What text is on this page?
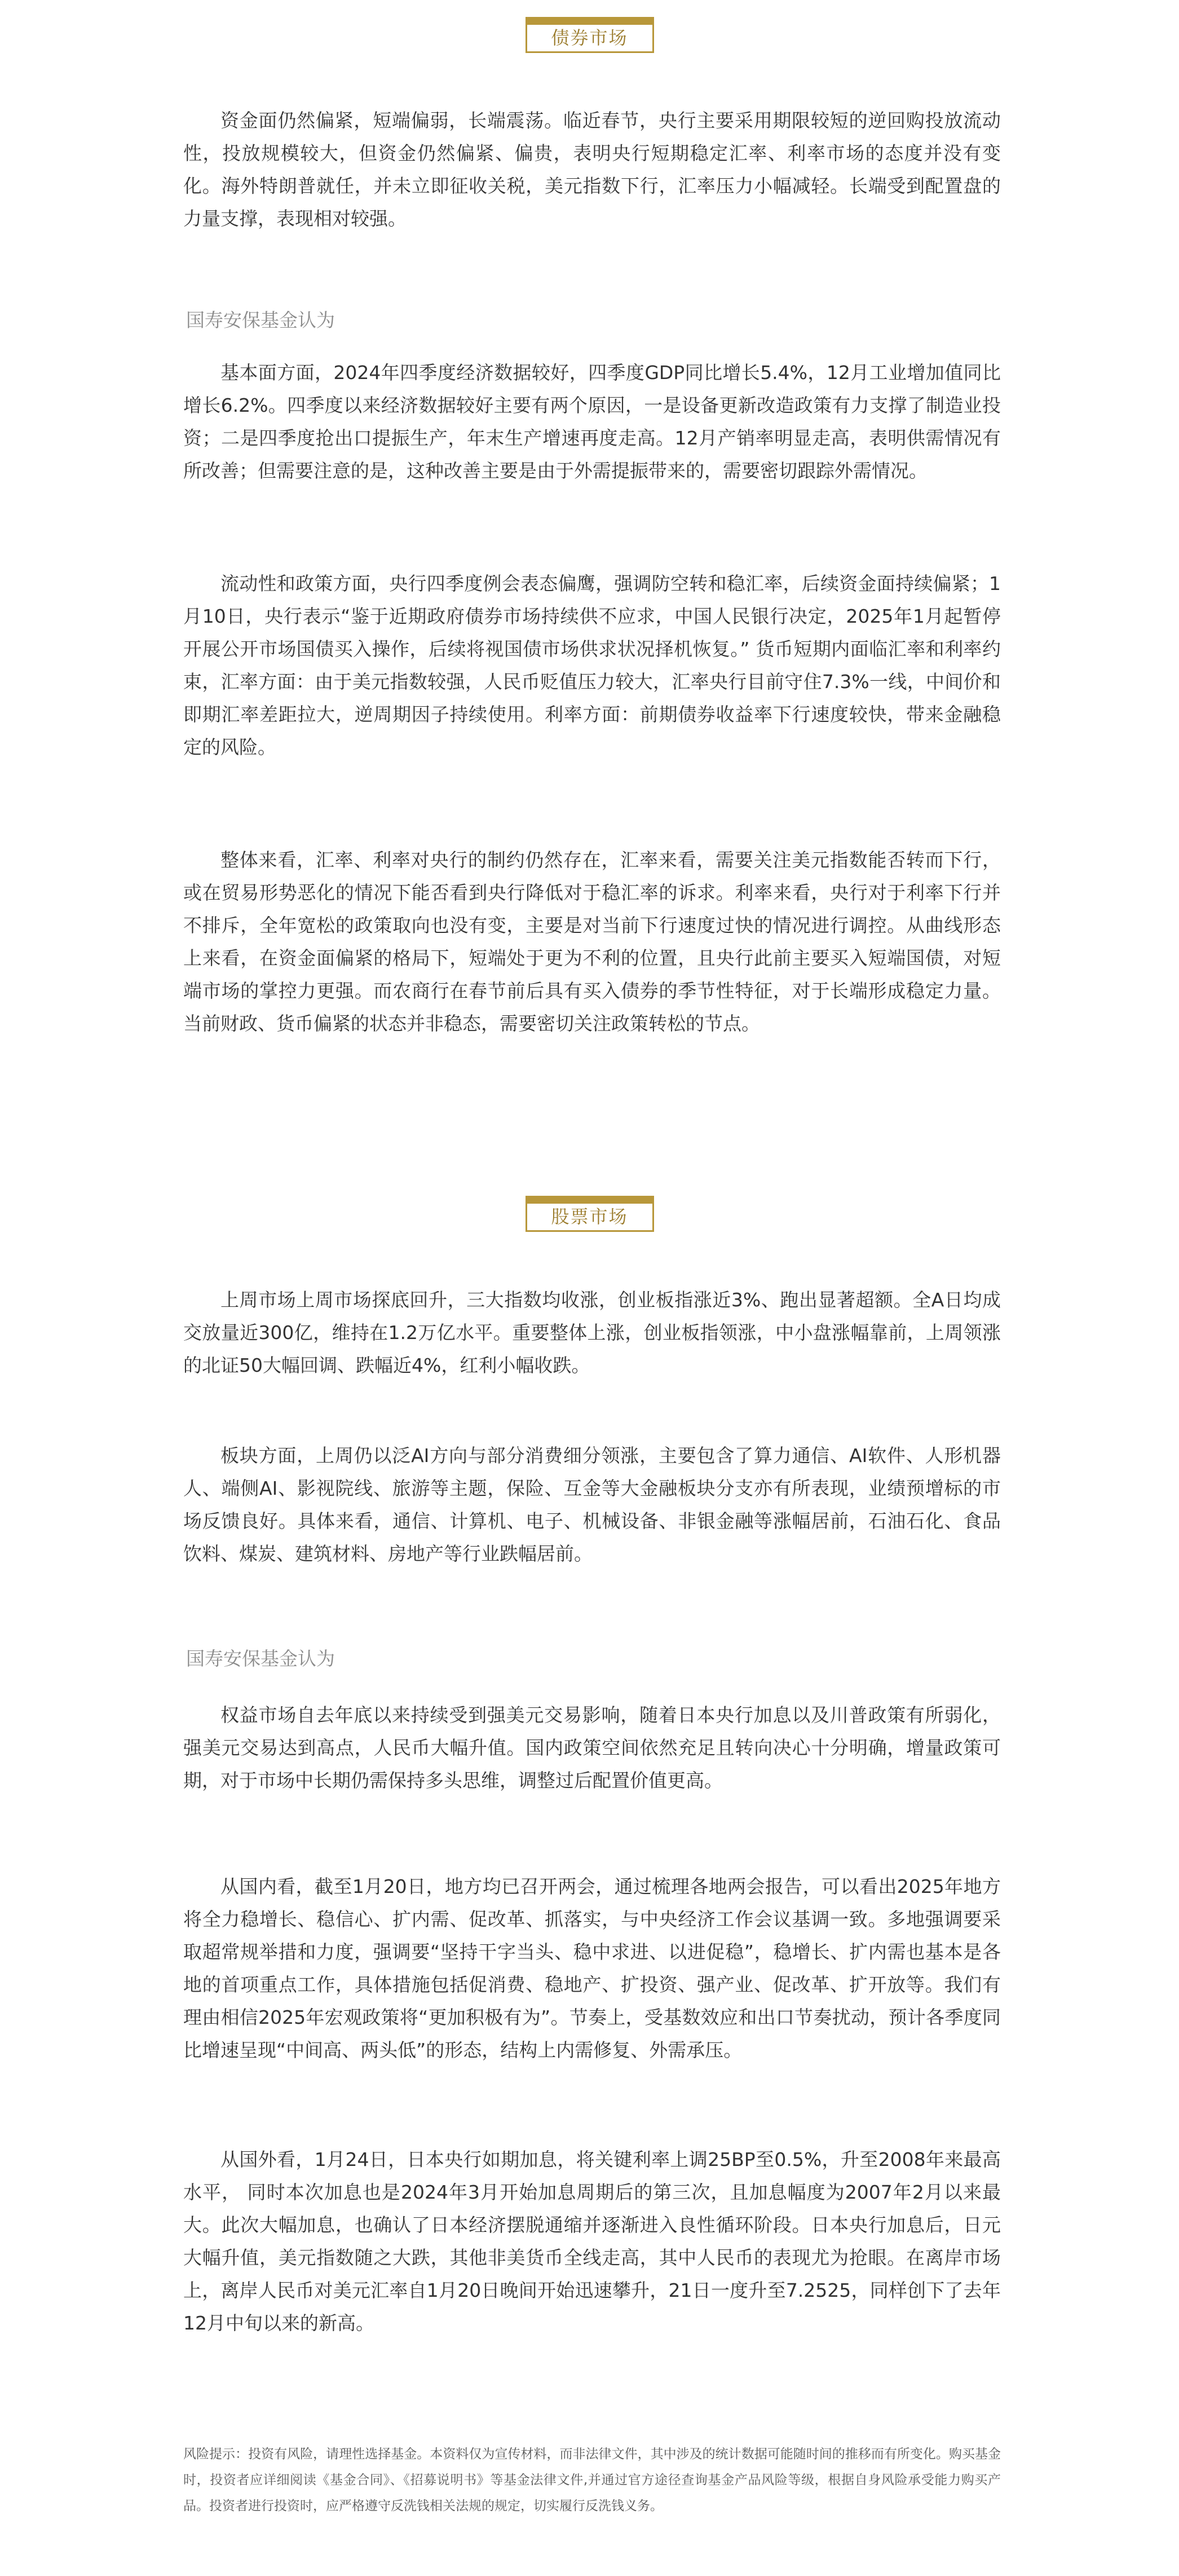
债券市场

资金面仍然偏紧，短端偏弱，长端震荡。临近春节，央行主要采用期限较短的逆回购投放流动性，投放规模较大，但资金仍然偏紧、偏贵，表明央行短期稳定汇率、利率市场的态度并没有变化。海外特朗普就任，并未立即征收关税，美元指数下行，汇率压力小幅减轻。长端受到配置盘的力量支撑，表现相对较强。

国寿安保基金认为

基本面方面，2024年四季度经济数据较好，四季度GDP同比增长5.4%，12月工业增加值同比增长6.2%。四季度以来经济数据较好主要有两个原因，一是设备更新改造政策有力支撑了制造业投资；二是四季度抢出口提振生产，年末生产增速再度走高。12月产销率明显走高，表明供需情况有所改善；但需要注意的是，这种改善主要是由于外需提振带来的，需要密切跟踪外需情况。

流动性和政策方面，央行四季度例会表态偏鹰，强调防空转和稳汇率，后续资金面持续偏紧；1月10日，央行表示“鉴于近期政府债券市场持续供不应求，中国人民银行决定，2025年1月起暂停开展公开市场国债买入操作，后续将视国债市场供求状况择机恢复。” 货币短期内面临汇率和利率约束，汇率方面：由于美元指数较强，人民币贬值压力较大，汇率央行目前守住7.3%一线，中间价和即期汇率差距拉大，逆周期因子持续使用。利率方面：前期债券收益率下行速度较快，带来金融稳定的风险。

整体来看，汇率、利率对央行的制约仍然存在，汇率来看，需要关注美元指数能否转而下行，或在贸易形势恶化的情况下能否看到央行降低对于稳汇率的诉求。利率来看，央行对于利率下行并不排斥，全年宽松的政策取向也没有变，主要是对当前下行速度过快的情况进行调控。从曲线形态上来看，在资金面偏紧的格局下，短端处于更为不利的位置，且央行此前主要买入短端国债，对短端市场的掌控力更强。而农商行在春节前后具有买入债券的季节性特征，对于长端形成稳定力量。当前财政、货币偏紧的状态并非稳态，需要密切关注政策转松的节点。

股票市场

上周市场上周市场探底回升，三大指数均收涨，创业板指涨近3%、跑出显著超额。全A日均成交放量近300亿，维持在1.2万亿水平。重要整体上涨，创业板指领涨，中小盘涨幅靠前，上周领涨的北证50大幅回调、跌幅近4%，红利小幅收跌。

板块方面，上周仍以泛AI方向与部分消费细分领涨，主要包含了算力通信、AI软件、人形机器人、端侧AI、影视院线、旅游等主题，保险、互金等大金融板块分支亦有所表现，业绩预增标的市场反馈良好。具体来看，通信、计算机、电子、机械设备、非银金融等涨幅居前，石油石化、食品饮料、煤炭、建筑材料、房地产等行业跌幅居前。

国寿安保基金认为

权益市场自去年底以来持续受到强美元交易影响，随着日本央行加息以及川普政策有所弱化，强美元交易达到高点，人民币大幅升值。国内政策空间依然充足且转向决心十分明确，增量政策可期，对于市场中长期仍需保持多头思维，调整过后配置价值更高。

从国内看，截至1月20日，地方均已召开两会，通过梳理各地两会报告，可以看出2025年地方将全力稳增长、稳信心、扩内需、促改革、抓落实，与中央经济工作会议基调一致。多地强调要采取超常规举措和力度，强调要“坚持干字当头、稳中求进、以进促稳”，稳增长、扩内需也基本是各地的首项重点工作，具体措施包括促消费、稳地产、扩投资、强产业、促改革、扩开放等。我们有理由相信2025年宏观政策将“更加积极有为”。节奏上，受基数效应和出口节奏扰动，预计各季度同比增速呈现“中间高、两头低”的形态，结构上内需修复、外需承压。

从国外看，1月24日，日本央行如期加息，将关键利率上调25BP至0.5%，升至2008年来最高水平， 同时本次加息也是2024年3月开始加息周期后的第三次，且加息幅度为2007年2月以来最大。此次大幅加息，也确认了日本经济摆脱通缩并逐渐进入良性循环阶段。日本央行加息后，日元大幅升值，美元指数随之大跌，其他非美货币全线走高，其中人民币的表现尤为抢眼。在离岸市场上，离岸人民币对美元汇率自1月20日晚间开始迅速攀升，21日一度升至7.2525，同样创下了去年12月中旬以来的新高。

风险提示：投资有风险，请理性选择基金。本资料仅为宣传材料，而非法律文件，其中涉及的统计数据可能随时间的推移而有所变化。购买基金时，投资者应详细阅读《基金合同》、《招募说明书》等基金法律文件,并通过官方途径查询基金产品风险等级，根据自身风险承受能力购买产品。投资者进行投资时，应严格遵守反洗钱相关法规的规定，切实履行反洗钱义务。
